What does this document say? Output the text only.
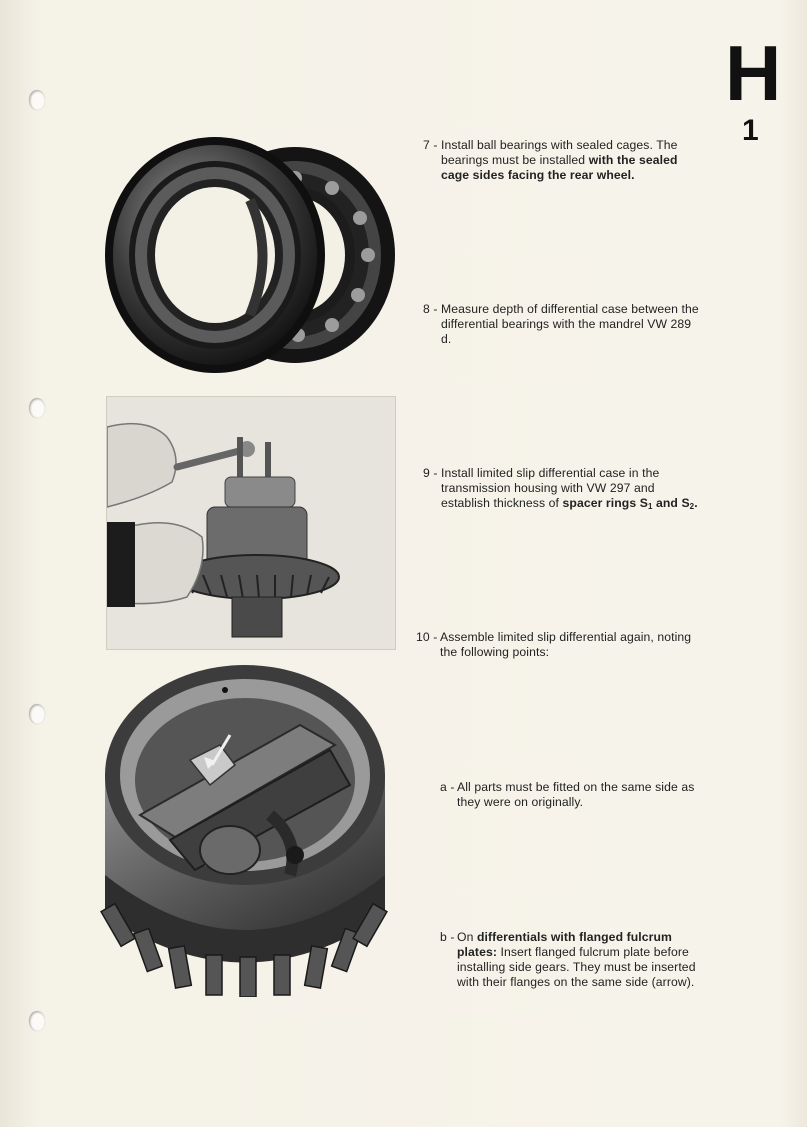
H
1
7 - Install ball bearings with sealed cages. The bearings must be installed with the sealed cage sides facing the rear wheel.
8 - Measure depth of differential case between the differential bearings with the mandrel VW 289 d.
9 - Install limited slip differential case in the transmission housing with VW 297 and establish thickness of spacer rings S1 and S2.
10 - Assemble limited slip differential again, noting the following points:
a - All parts must be fitted on the same side as they were on originally.
b - On differentials with flanged fulcrum plates: Insert flanged fulcrum plate before installing side gears. They must be inserted with their flanges on the same side (arrow).
